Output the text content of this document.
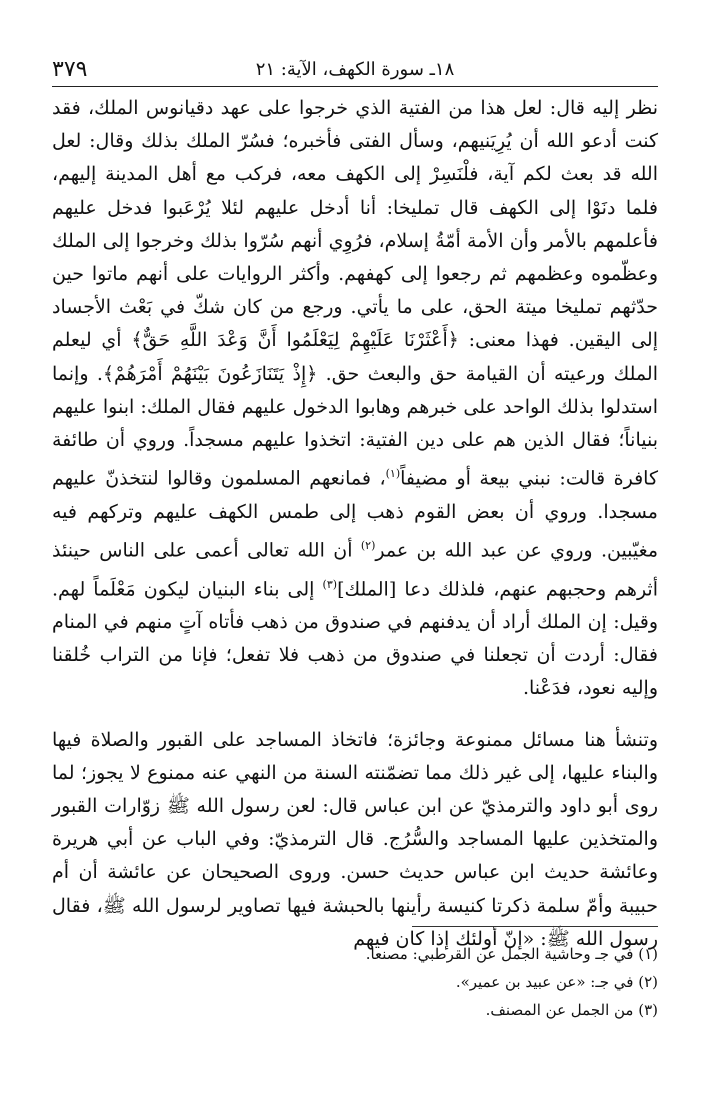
٣٧٩	١٨ـ سورة الكهف، الآية: ٢١

نظر إليه قال: لعل هذا من الفتية الذي خرجوا على عهد دقيانوس الملك، فقد كنت أدعو الله أن يُرِيَنيهم، وسأل الفتى فأخبره؛ فسُرّ الملك بذلك وقال: لعل الله قد بعث لكم آية، فلْنَسِرْ إلى الكهف معه، فركب مع أهل المدينة إليهم، فلما دنَوْا إلى الكهف قال تمليخا: أنا أدخل عليهم لئلا يُرْعَبوا فدخل عليهم فأعلمهم بالأمر وأن الأمة أمّةُ إسلام، فرُوِي أنهم سُرّوا بذلك وخرجوا إلى الملك وعظّموه وعظمهم ثم رجعوا إلى كهفهم. وأكثر الروايات على أنهم ماتوا حين حدّثهم تمليخا ميتة الحق، على ما يأتي. ورجع من كان شكّ في بَعْث الأجساد إلى اليقين. فهذا معنى: ﴿أَعْثَرْنَا عَلَيْهِمْ لِيَعْلَمُوا أَنَّ وَعْدَ اللَّهِ حَقٌّ﴾ أي ليعلم الملك ورعيته أن القيامة حق والبعث حق. ﴿إِذْ يَتَنَازَعُونَ بَيْنَهُمْ أَمْرَهُمْ﴾. وإنما استدلوا بذلك الواحد على خبرهم وهابوا الدخول عليهم فقال الملك: ابنوا عليهم بنياناً؛ فقال الذين هم على دين الفتية: اتخذوا عليهم مسجداً. وروي أن طائفة كافرة قالت: نبني بيعة أو مضيفاً$^{(١)}$، فمانعهم المسلمون وقالوا لنتخذنّ عليهم مسجدا. وروي أن بعض القوم ذهب إلى طمس الكهف عليهم وتركهم فيه مغيّبين. وروي عن عبد الله بن عمر$^{(٢)}$ أن الله تعالى أعمى على الناس حينئذ أثرهم وحجبهم عنهم، فلذلك دعا [الملك]$^{(٣)}$ إلى بناء البنيان ليكون مَعْلَماً لهم. وقيل: إن الملك أراد أن يدفنهم في صندوق من ذهب فأتاه آتٍ منهم في المنام فقال: أردت أن تجعلنا في صندوق من ذهب فلا تفعل؛ فإنا من التراب خُلقنا وإليه نعود، فدَعْنا.

وتنشأ هنا مسائل ممنوعة وجائزة؛ فاتخاذ المساجد على القبور والصلاة فيها والبناء عليها، إلى غير ذلك مما تضمّنته السنة من النهي عنه ممنوع لا يجوز؛ لما روى أبو داود والترمذيّ عن ابن عباس قال: لعن رسول الله ﷺ زوّارات القبور والمتخذين عليها المساجد والسُّرُج. قال الترمذيّ: وفي الباب عن أبي هريرة وعائشة حديث ابن عباس حديث حسن. وروى الصحيحان عن عائشة أن أم حبيبة وأمّ سلمة ذكرتا كنيسة رأينها بالحبشة فيها تصاوير لرسول الله ﷺ، فقال رسول الله ﷺ: «إنّ أولئك إذا كان فيهم

(١) في جـ وحاشية الجمل عن القرطبي: مصنعا.
(٢) في جـ: «عن عبيد بن عمير».
(٣) من الجمل عن المصنف.
